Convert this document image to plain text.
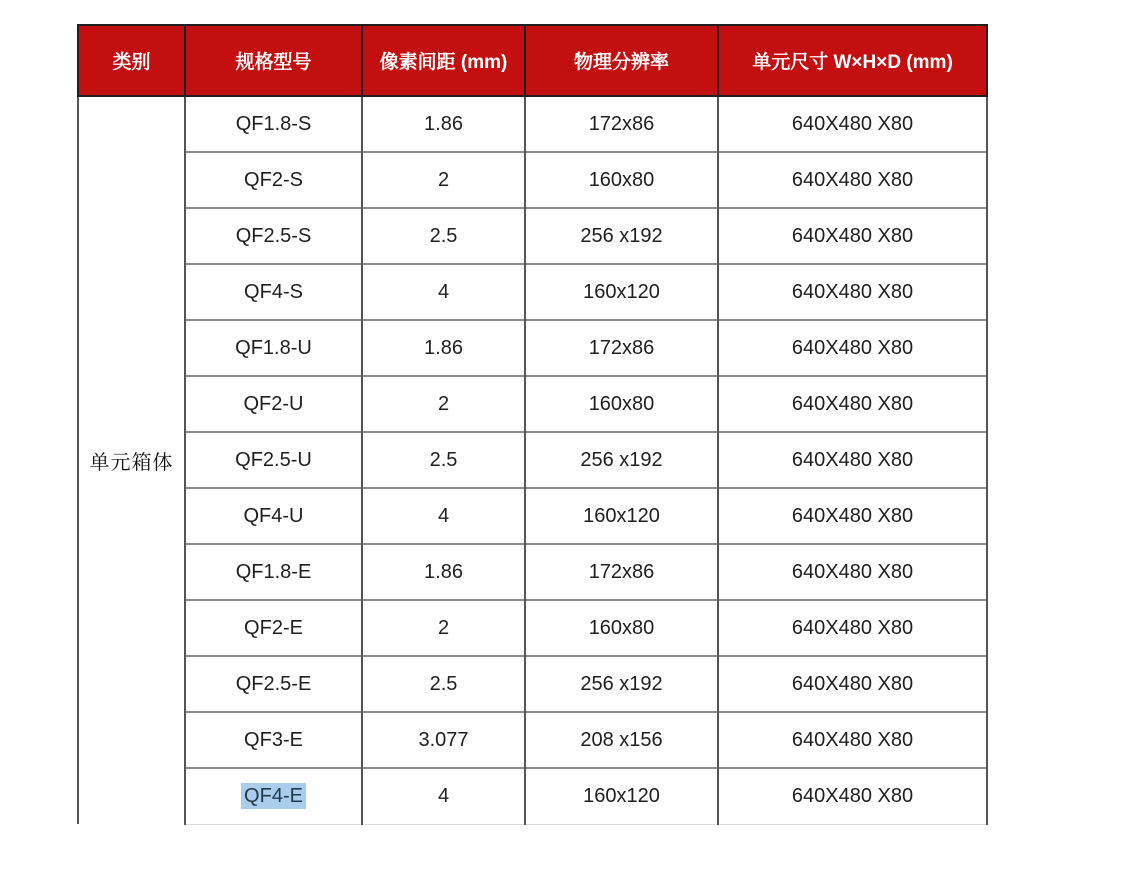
类别	规格型号	像素间距 (mm)	物理分辨率	单元尺寸 W×H×D (mm)
单元箱体	QF1.8-S	1.86	172x86	640X480 X80
	QF2-S	2	160x80	640X480 X80
	QF2.5-S	2.5	256 x192	640X480 X80
	QF4-S	4	160x120	640X480 X80
	QF1.8-U	1.86	172x86	640X480 X80
	QF2-U	2	160x80	640X480 X80
	QF2.5-U	2.5	256 x192	640X480 X80
	QF4-U	4	160x120	640X480 X80
	QF1.8-E	1.86	172x86	640X480 X80
	QF2-E	2	160x80	640X480 X80
	QF2.5-E	2.5	256 x192	640X480 X80
	QF3-E	3.077	208 x156	640X480 X80
	QF4-E	4	160x120	640X480 X80
